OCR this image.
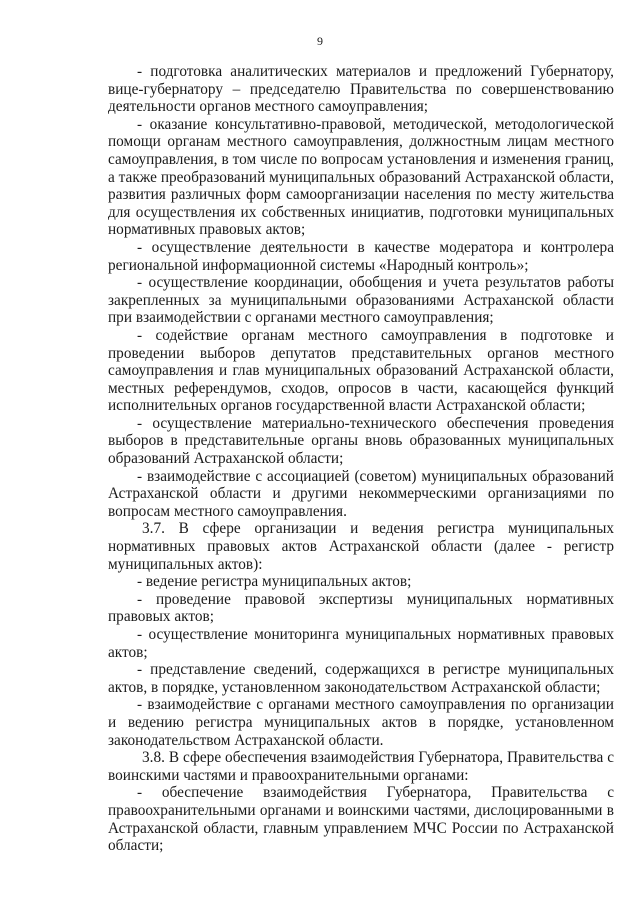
9

- подготовка аналитических материалов и предложений Губернатору, вице-губернатору – председателю Правительства по совершенствованию деятельности органов местного самоуправления;

- оказание консультативно-правовой, методической, методологической помощи органам местного самоуправления, должностным лицам местного самоуправления, в том числе по вопросам установления и изменения границ, а также преобразований муниципальных образований Астраханской области, развития различных форм самоорганизации населения по месту жительства для осуществления их собственных инициатив, подготовки муниципальных нормативных правовых актов;

- осуществление деятельности в качестве модератора и контролера региональной информационной системы «Народный контроль»;

- осуществление координации, обобщения и учета результатов работы закрепленных за муниципальными образованиями Астраханской области при взаимодействии с органами местного самоуправления;

- содействие органам местного самоуправления в подготовке и проведении выборов депутатов представительных органов местного самоуправления и глав муниципальных образований Астраханской области, местных референдумов, сходов, опросов в части, касающейся функций исполнительных органов государственной власти Астраханской области;

- осуществление материально-технического обеспечения проведения выборов в представительные органы вновь образованных муниципальных образований Астраханской области;

- взаимодействие с ассоциацией (советом) муниципальных образований Астраханской области и другими некоммерческими организациями по вопросам местного самоуправления.

3.7. В сфере организации и ведения регистра муниципальных нормативных правовых актов Астраханской области (далее - регистр муниципальных актов):

- ведение регистра муниципальных актов;

- проведение правовой экспертизы муниципальных нормативных правовых актов;

- осуществление мониторинга муниципальных нормативных правовых актов;

- представление сведений, содержащихся в регистре муниципальных актов, в порядке, установленном законодательством Астраханской области;

- взаимодействие с органами местного самоуправления по организации и ведению регистра муниципальных актов в порядке, установленном законодательством Астраханской области.

3.8. В сфере обеспечения взаимодействия Губернатора, Правительства с воинскими частями и правоохранительными органами:

- обеспечение взаимодействия Губернатора, Правительства с правоохранительными органами и воинскими частями, дислоцированными в Астраханской области, главным управлением МЧС России по Астраханской области;
